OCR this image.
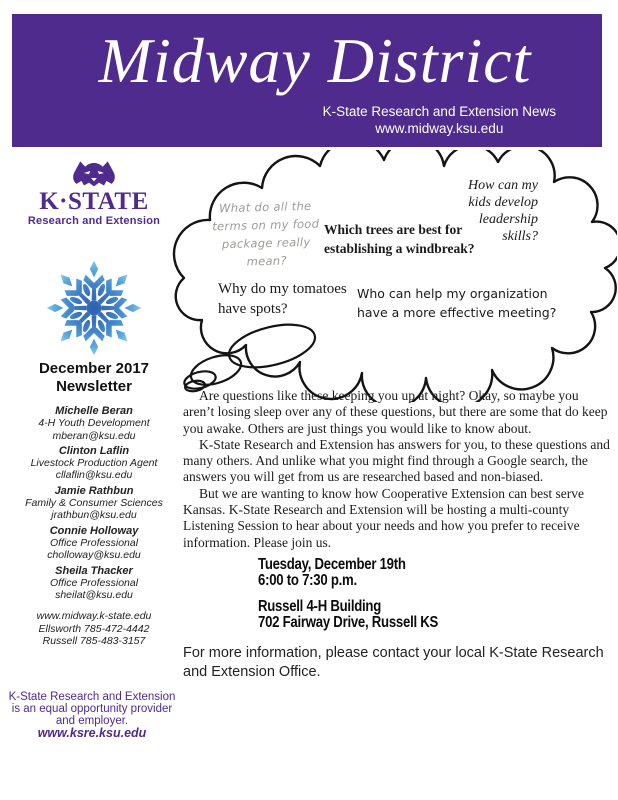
Midway District
K-State Research and Extension News
www.midway.ksu.edu
K·STATE
Research and Extension
December 2017
Newsletter
Michelle Beran
4-H Youth Development
mberan@ksu.edu
Clinton Laflin
Livestock Production Agent
cllaflin@ksu.edu
Jamie Rathbun
Family & Consumer Sciences
jrathbun@ksu.edu
Connie Holloway
Office Professional
cholloway@ksu.edu
Sheila Thacker
Office Professional
sheilat@ksu.edu
www.midway.k-state.edu
Ellsworth 785-472-4442
Russell 785-483-3157
K-State Research and Extension
is an equal opportunity provider
and employer.
www.ksre.ksu.edu
What do all the terms on my food package really mean?
Which trees are best for establishing a windbreak?
How can my kids develop leadership skills?
Why do my tomatoes have spots?
Who can help my organization have a more effective meeting?

Are questions like these keeping you up at night? Okay, so maybe you aren’t losing sleep over any of these questions, but there are some that do keep you awake. Others are just things you would like to know about.

K-State Research and Extension has answers for you, to these questions and many others. And unlike what you might find through a Google search, the answers you will get from us are researched based and non-biased.

But we are wanting to know how Cooperative Extension can best serve Kansas. K-State Research and Extension will be hosting a multi-county Listening Session to hear about your needs and how you prefer to receive information. Please join us.

Tuesday, December 19th
6:00 to 7:30 p.m.
Russell 4-H Building
702 Fairway Drive, Russell KS

For more information, please contact your local K-State Research and Extension Office.
